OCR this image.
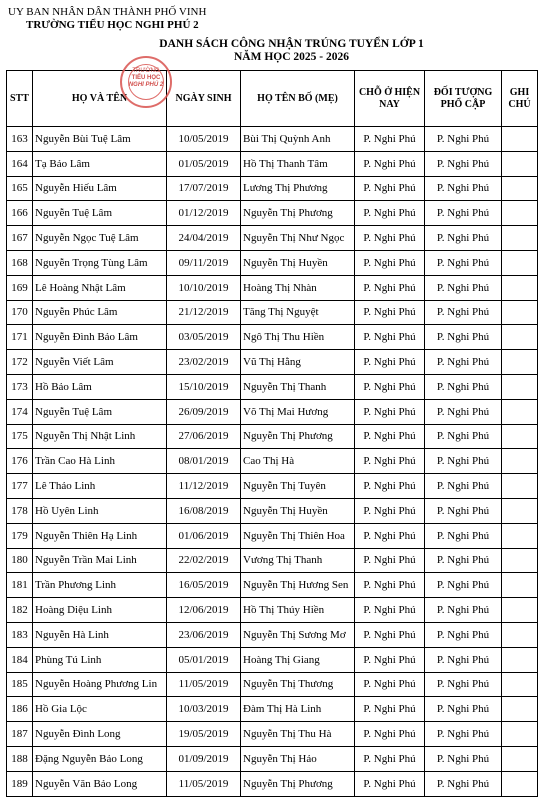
UY BAN NHÂN DÂN THÀNH PHỐ VINH
TRƯỜNG TIỂU HỌC NGHI PHÚ 2
DANH SÁCH CÔNG NHẬN TRÚNG TUYỂN LỚP 1
NĂM HỌC 2025 - 2026
TRƯỜNG
TIỂU HỌC
NGHI PHÚ 2
STT	HỌ VÀ TÊN	NGÀY SINH	HỌ TÊN BỐ (MẸ)	CHỖ Ở HIỆN NAY	ĐỐI TƯỢNG PHỔ CẬP	GHI CHÚ
163	Nguyễn Bùi Tuệ Lâm	10/05/2019	Bùi Thị Quỳnh Anh	P. Nghi Phú	P. Nghi Phú	
164	Tạ Bảo Lâm	01/05/2019	Hồ Thị Thanh Tâm	P. Nghi Phú	P. Nghi Phú	
165	Nguyễn Hiếu Lâm	17/07/2019	Lương Thị Phương	P. Nghi Phú	P. Nghi Phú	
166	Nguyễn Tuệ Lâm	01/12/2019	Nguyễn Thị Phương	P. Nghi Phú	P. Nghi Phú	
167	Nguyễn Ngọc Tuệ Lâm	24/04/2019	Nguyễn Thị Như Ngọc	P. Nghi Phú	P. Nghi Phú	
168	Nguyễn Trọng Tùng Lâm	09/11/2019	Nguyễn Thị Huyền	P. Nghi Phú	P. Nghi Phú	
169	Lê Hoàng Nhật Lâm	10/10/2019	Hoàng Thị Nhàn	P. Nghi Phú	P. Nghi Phú	
170	Nguyễn Phúc Lâm	21/12/2019	Tăng Thị Nguyệt	P. Nghi Phú	P. Nghi Phú	
171	Nguyễn Đình Bảo Lâm	03/05/2019	Ngô Thị Thu Hiền	P. Nghi Phú	P. Nghi Phú	
172	Nguyễn Viết Lâm	23/02/2019	Vũ Thị Hằng	P. Nghi Phú	P. Nghi Phú	
173	Hồ Bảo Lâm	15/10/2019	Nguyễn Thị Thanh	P. Nghi Phú	P. Nghi Phú	
174	Nguyễn Tuệ Lâm	26/09/2019	Võ Thị Mai Hương	P. Nghi Phú	P. Nghi Phú	
175	Nguyễn Thị Nhật Linh	27/06/2019	Nguyễn Thị Phương	P. Nghi Phú	P. Nghi Phú	
176	Trần Cao Hà Linh	08/01/2019	Cao Thị Hà	P. Nghi Phú	P. Nghi Phú	
177	Lê Thảo Linh	11/12/2019	Nguyễn Thị Tuyên	P. Nghi Phú	P. Nghi Phú	
178	Hồ Uyên Linh	16/08/2019	Nguyễn Thị Huyền	P. Nghi Phú	P. Nghi Phú	
179	Nguyễn Thiên Hạ Linh	01/06/2019	Nguyễn Thị Thiên Hoa	P. Nghi Phú	P. Nghi Phú	
180	Nguyễn Trần Mai Linh	22/02/2019	Vương Thị Thanh	P. Nghi Phú	P. Nghi Phú	
181	Trần Phương Linh	16/05/2019	Nguyễn Thị Hương Sen	P. Nghi Phú	P. Nghi Phú	
182	Hoàng Diệu Linh	12/06/2019	Hồ Thị Thúy Hiền	P. Nghi Phú	P. Nghi Phú	
183	Nguyễn Hà Linh	23/06/2019	Nguyễn Thị Sương Mơ	P. Nghi Phú	P. Nghi Phú	
184	Phùng Tú Linh	05/01/2019	Hoàng Thị Giang	P. Nghi Phú	P. Nghi Phú	
185	Nguyễn Hoàng Phương Lin	11/05/2019	Nguyễn Thị Thương	P. Nghi Phú	P. Nghi Phú	
186	Hồ Gia Lộc	10/03/2019	Đàm Thị Hà Linh	P. Nghi Phú	P. Nghi Phú	
187	Nguyễn Đình Long	19/05/2019	Nguyễn Thị Thu Hà	P. Nghi Phú	P. Nghi Phú	
188	Đặng Nguyễn Bảo Long	01/09/2019	Nguyễn Thị Hảo	P. Nghi Phú	P. Nghi Phú	
189	Nguyễn Văn Bảo Long	11/05/2019	Nguyễn Thị Phương	P. Nghi Phú	P. Nghi Phú	
